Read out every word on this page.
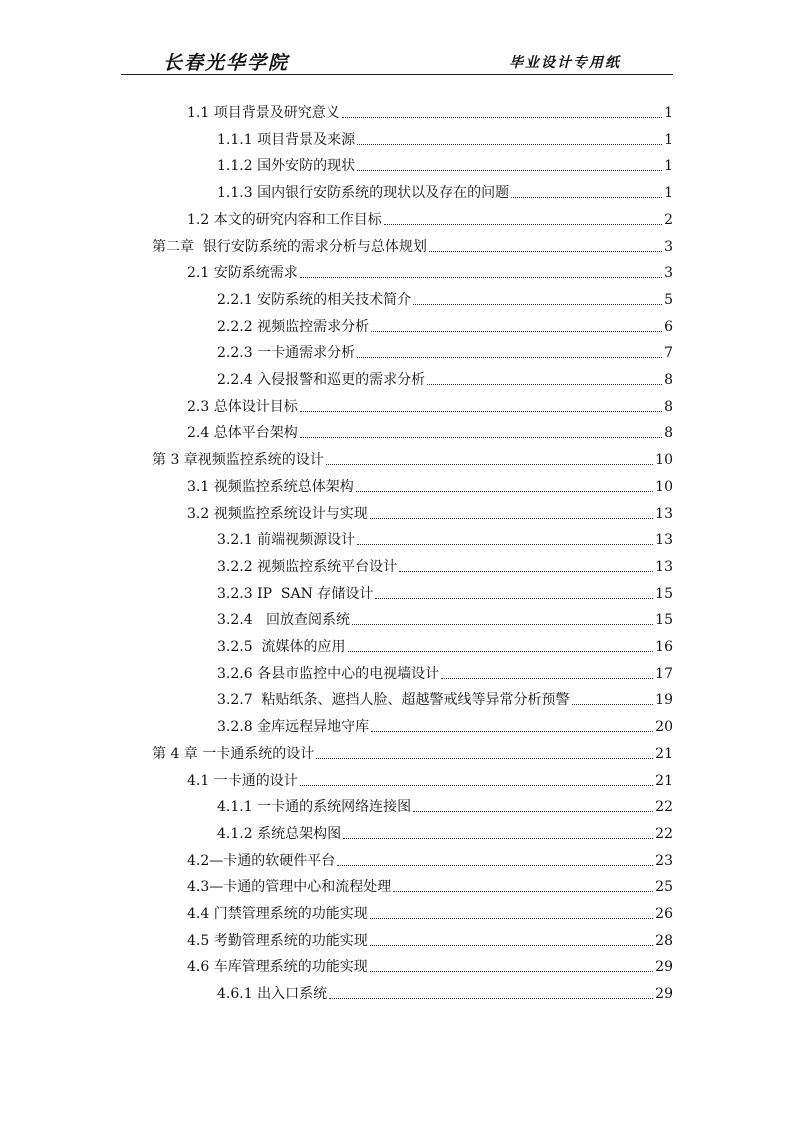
长春光华学院	毕业设计专用纸
1.1 项目背景及研究意义	1
1.1.1 项目背景及来源	1
1.1.2 国外安防的现状	1
1.1.3 国内银行安防系统的现状以及存在的问题	1
1.2 本文的研究内容和工作目标	2
第二章  银行安防系统的需求分析与总体规划	3
2.1 安防系统需求	3
2.2.1 安防系统的相关技术简介	5
2.2.2 视频监控需求分析	6
2.2.3 一卡通需求分析	7
2.2.4 入侵报警和巡更的需求分析	8
2.3 总体设计目标	8
2.4 总体平台架构	8
第 3 章视频监控系统的设计	10
3.1 视频监控系统总体架构	10
3.2 视频监控系统设计与实现	13
3.2.1 前端视频源设计	13
3.2.2 视频监控系统平台设计	13
3.2.3 IP  SAN 存储设计	15
3.2.4   回放查阅系统	15
3.2.5  流媒体的应用	16
3.2.6 各县市监控中心的电视墙设计	17
3.2.7  粘贴纸条、遮挡人脸、超越警戒线等异常分析预警	19
3.2.8 金库远程异地守库	20
第 4 章 一卡通系统的设计	21
4.1 一卡通的设计	21
4.1.1 一卡通的系统网络连接图	22
4.1.2 系统总架构图	22
4.2—卡通的软硬件平台	23
4.3—卡通的管理中心和流程处理	25
4.4 门禁管理系统的功能实现	26
4.5 考勤管理系统的功能实现	28
4.6 车库管理系统的功能实现	29
4.6.1 出入口系统	29
